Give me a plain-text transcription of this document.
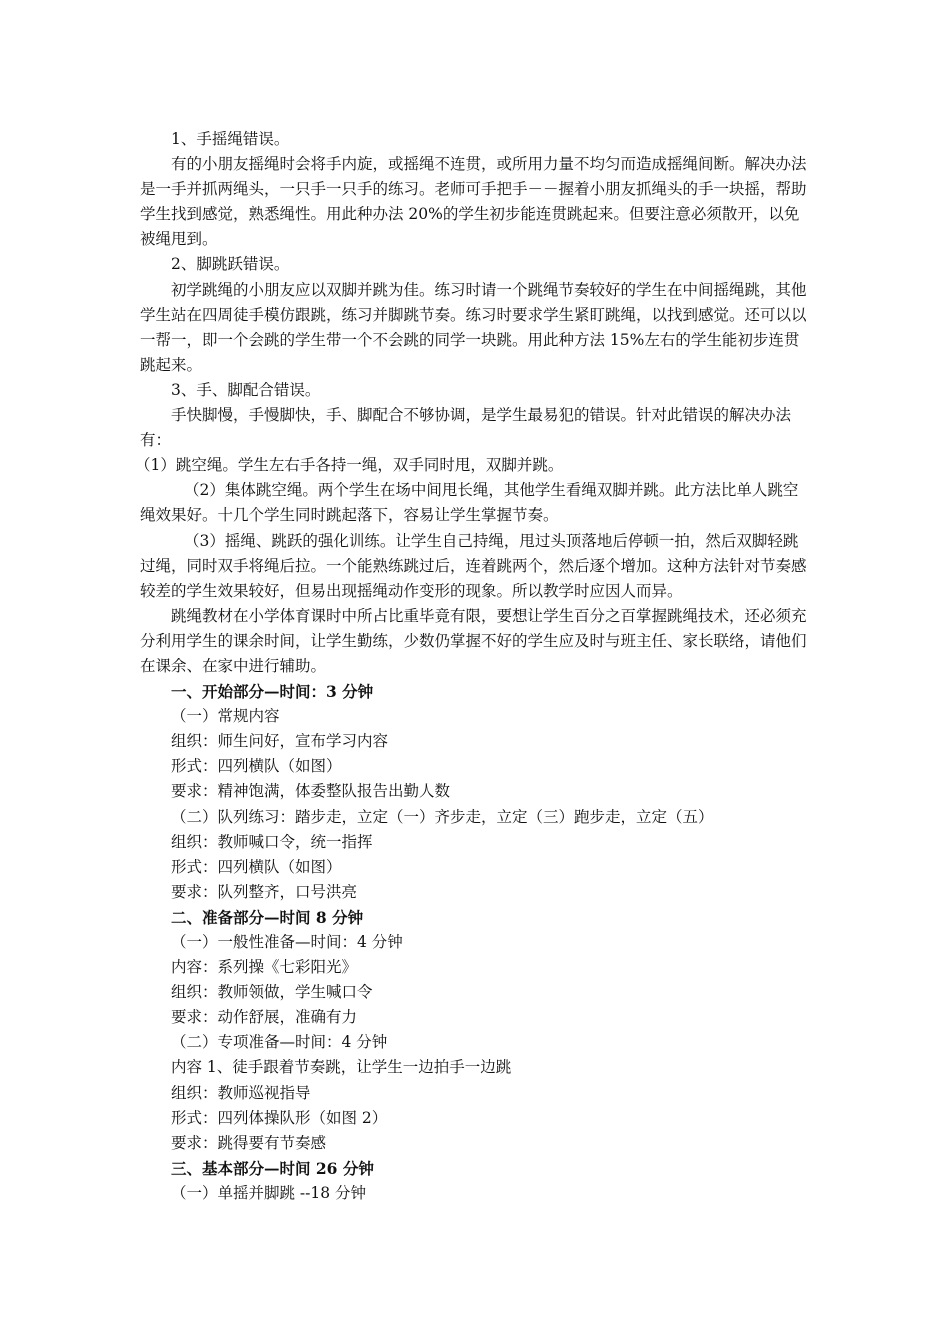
1、手摇绳错误。

有的小朋友摇绳时会将手内旋，或摇绳不连贯，或所用力量不均匀而造成摇绳间断。解决办法是一手并抓两绳头，一只手一只手的练习。老师可手把手－－握着小朋友抓绳头的手一块摇，帮助学生找到感觉，熟悉绳性。用此种办法 20%的学生初步能连贯跳起来。但要注意必须散开，以免被绳甩到。

2、脚跳跃错误。

初学跳绳的小朋友应以双脚并跳为佳。练习时请一个跳绳节奏较好的学生在中间摇绳跳，其他学生站在四周徒手模仿跟跳，练习并脚跳节奏。练习时要求学生紧盯跳绳，以找到感觉。还可以以一帮一，即一个会跳的学生带一个不会跳的同学一块跳。用此种方法 15%左右的学生能初步连贯跳起来。

3、手、脚配合错误。

手快脚慢，手慢脚快，手、脚配合不够协调，是学生最易犯的错误。针对此错误的解决办法有：

（1）跳空绳。学生左右手各持一绳，双手同时甩，双脚并跳。

（2）集体跳空绳。两个学生在场中间甩长绳，其他学生看绳双脚并跳。此方法比单人跳空绳效果好。十几个学生同时跳起落下，容易让学生掌握节奏。

（3）摇绳、跳跃的强化训练。让学生自己持绳，甩过头顶落地后停顿一拍，然后双脚轻跳过绳，同时双手将绳后拉。一个能熟练跳过后，连着跳两个，然后逐个增加。这种方法针对节奏感较差的学生效果较好，但易出现摇绳动作变形的现象。所以教学时应因人而异。

跳绳教材在小学体育课时中所占比重毕竟有限，要想让学生百分之百掌握跳绳技术，还必须充分利用学生的课余时间，让学生勤练，少数仍掌握不好的学生应及时与班主任、家长联络，请他们在课余、在家中进行辅助。

一、开始部分—时间：3 分钟

（一）常规内容

组织：师生问好，宣布学习内容

形式：四列横队（如图）

要求：精神饱满，体委整队报告出勤人数

（二）队列练习：踏步走，立定（一）齐步走，立定（三）跑步走，立定（五）

组织：教师喊口令，统一指挥

形式：四列横队（如图）

要求：队列整齐，口号洪亮

二、准备部分—时间 8 分钟

（一）一般性准备—时间：4 分钟

内容：系列操《七彩阳光》

组织：教师领做，学生喊口令

要求：动作舒展，准确有力

（二）专项准备—时间：4 分钟

内容 1、徒手跟着节奏跳，让学生一边拍手一边跳

组织：教师巡视指导

形式：四列体操队形（如图 2）

要求：跳得要有节奏感

三、基本部分—时间 26 分钟

（一）单摇并脚跳 --18 分钟
